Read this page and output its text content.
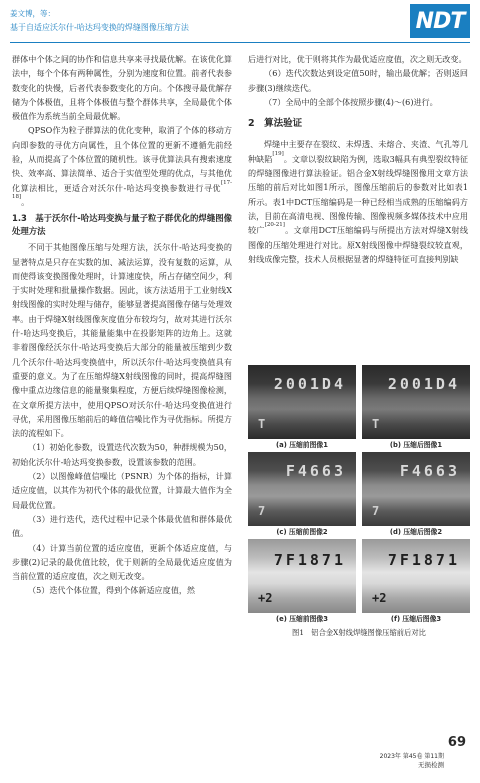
姜文博，等：
基于自适应沃尔什-哈达玛变换的焊缝图像压缩方法	NDT

群体中个体之间的协作和信息共享来寻找最优解。在该优化算法中，每个个体有两种属性，分别为速度和位置。前者代表参数变化的快慢，后者代表参数变化的方向。个体搜寻最优解存储为个体极值，且将个体极值与整个群体共享，全局最优个体极值作为系统当前全局最优解。

QPSO作为粒子群算法的优化变种，取消了个体的移动方向即参数的寻优方向属性，且个体位置的更新不遵循先前经验，从而提高了个体位置的随机性。该寻优算法具有搜索速度快、效率高、算法简单、适合于实值型处理的优点，与其他优化算法相比，更适合对沃尔什-哈达玛变换参数进行寻优[17-18]。

1.3　基于沃尔什-哈达玛变换与量子粒子群优化的焊缝图像处理方法

不同于其他图像压缩与处理方法，沃尔什-哈达玛变换的显著特点是只存在实数的加、减法运算，没有复数的运算，从而使得该变换图像处理时，计算速度快，所占存储空间少，利于实时处理和批量操作数据。因此，该方法适用于工业射线X射线图像的实时处理与储存，能够显著提高图像存储与处理效率。由于焊缝X射线图像灰度值分布较均匀，故对其进行沃尔什-哈达玛变换后，其能量能集中在投影矩阵的边角上。这就非着图像经沃尔什-哈达玛变换后大部分的能量被压缩到少数几个沃尔什-哈达玛变换值中，所以沃尔什-哈达玛变换值具有重要的意义。为了在压缩焊缝X射线图像的同时，提高焊缝图像中重点边缘信息的能量聚集程度，方便后续焊缝图像检测，在文章所提方法中，使用QPSO对沃尔什-哈达玛变换值进行寻优，采用图像压缩前后的峰值信噪比作为寻优指标。所提方法的流程如下。

（1）初始化参数，设置迭代次数为50，种群规模为50，初始化沃尔什-哈达玛变换参数，设置该参数的范围。

（2）以图像峰值信噪比（PSNR）为个体的指标，计算适应度值，以其作为初代个体的最优位置，计算最大值作为全局最优位置。

（3）进行迭代，迭代过程中记录个体最优值和群体最优值。

（4）计算当前位置的适应度值，更新个体适应度值，与步骤(2)记录的最优值比较，优于则新的全局最优适应度值为当前位置的适应度值，次之则无改变。

（5）迭代个体位置，得到个体新适应度值，然

后进行对比，优于则将其作为最优适应度值，次之则无改变。

（6）迭代次数达到设定值50时，输出最优解；否则返回步骤(3)继续迭代。

（7）全局中的全部个体按照步骤(4)～(6)进行。

2　算法验证

焊缝中主要存在裂纹、未焊透、未熔合、夹渣、气孔等几种缺陷[19]。文章以裂纹缺陷为例，选取3幅具有典型裂纹特征的焊缝图像进行算法验证。铝合金X射线焊缝图像用文章方法压缩的前后对比如图1所示，图像压缩前后的参数对比如表1所示。表1中DCT压缩编码是一种已经相当成熟的压缩编码方法，目前在高清电视、图像传输、图像视频多媒体技术中应用较广[20-21]。文章用DCT压缩编码与所提出方法对焊缝X射线图像的压缩处理进行对比。原X射线图像中焊缝裂纹较直观，射线成像完整，技术人员根据显著的焊缝特征可直接判别缺

2001D4
T
(a) 压缩前图像1
2001D4
T
(b) 压缩后图像1
F4663
7
(c) 压缩前图像2
F4663
7
(d) 压缩后图像2
7F1871
+2
(e) 压缩前图像3
7F1871
+2
(f) 压缩后图像3
图1　铝合金X射线焊缝图像压缩前后对比
69
2023年 第45卷 第11期
无损检测
